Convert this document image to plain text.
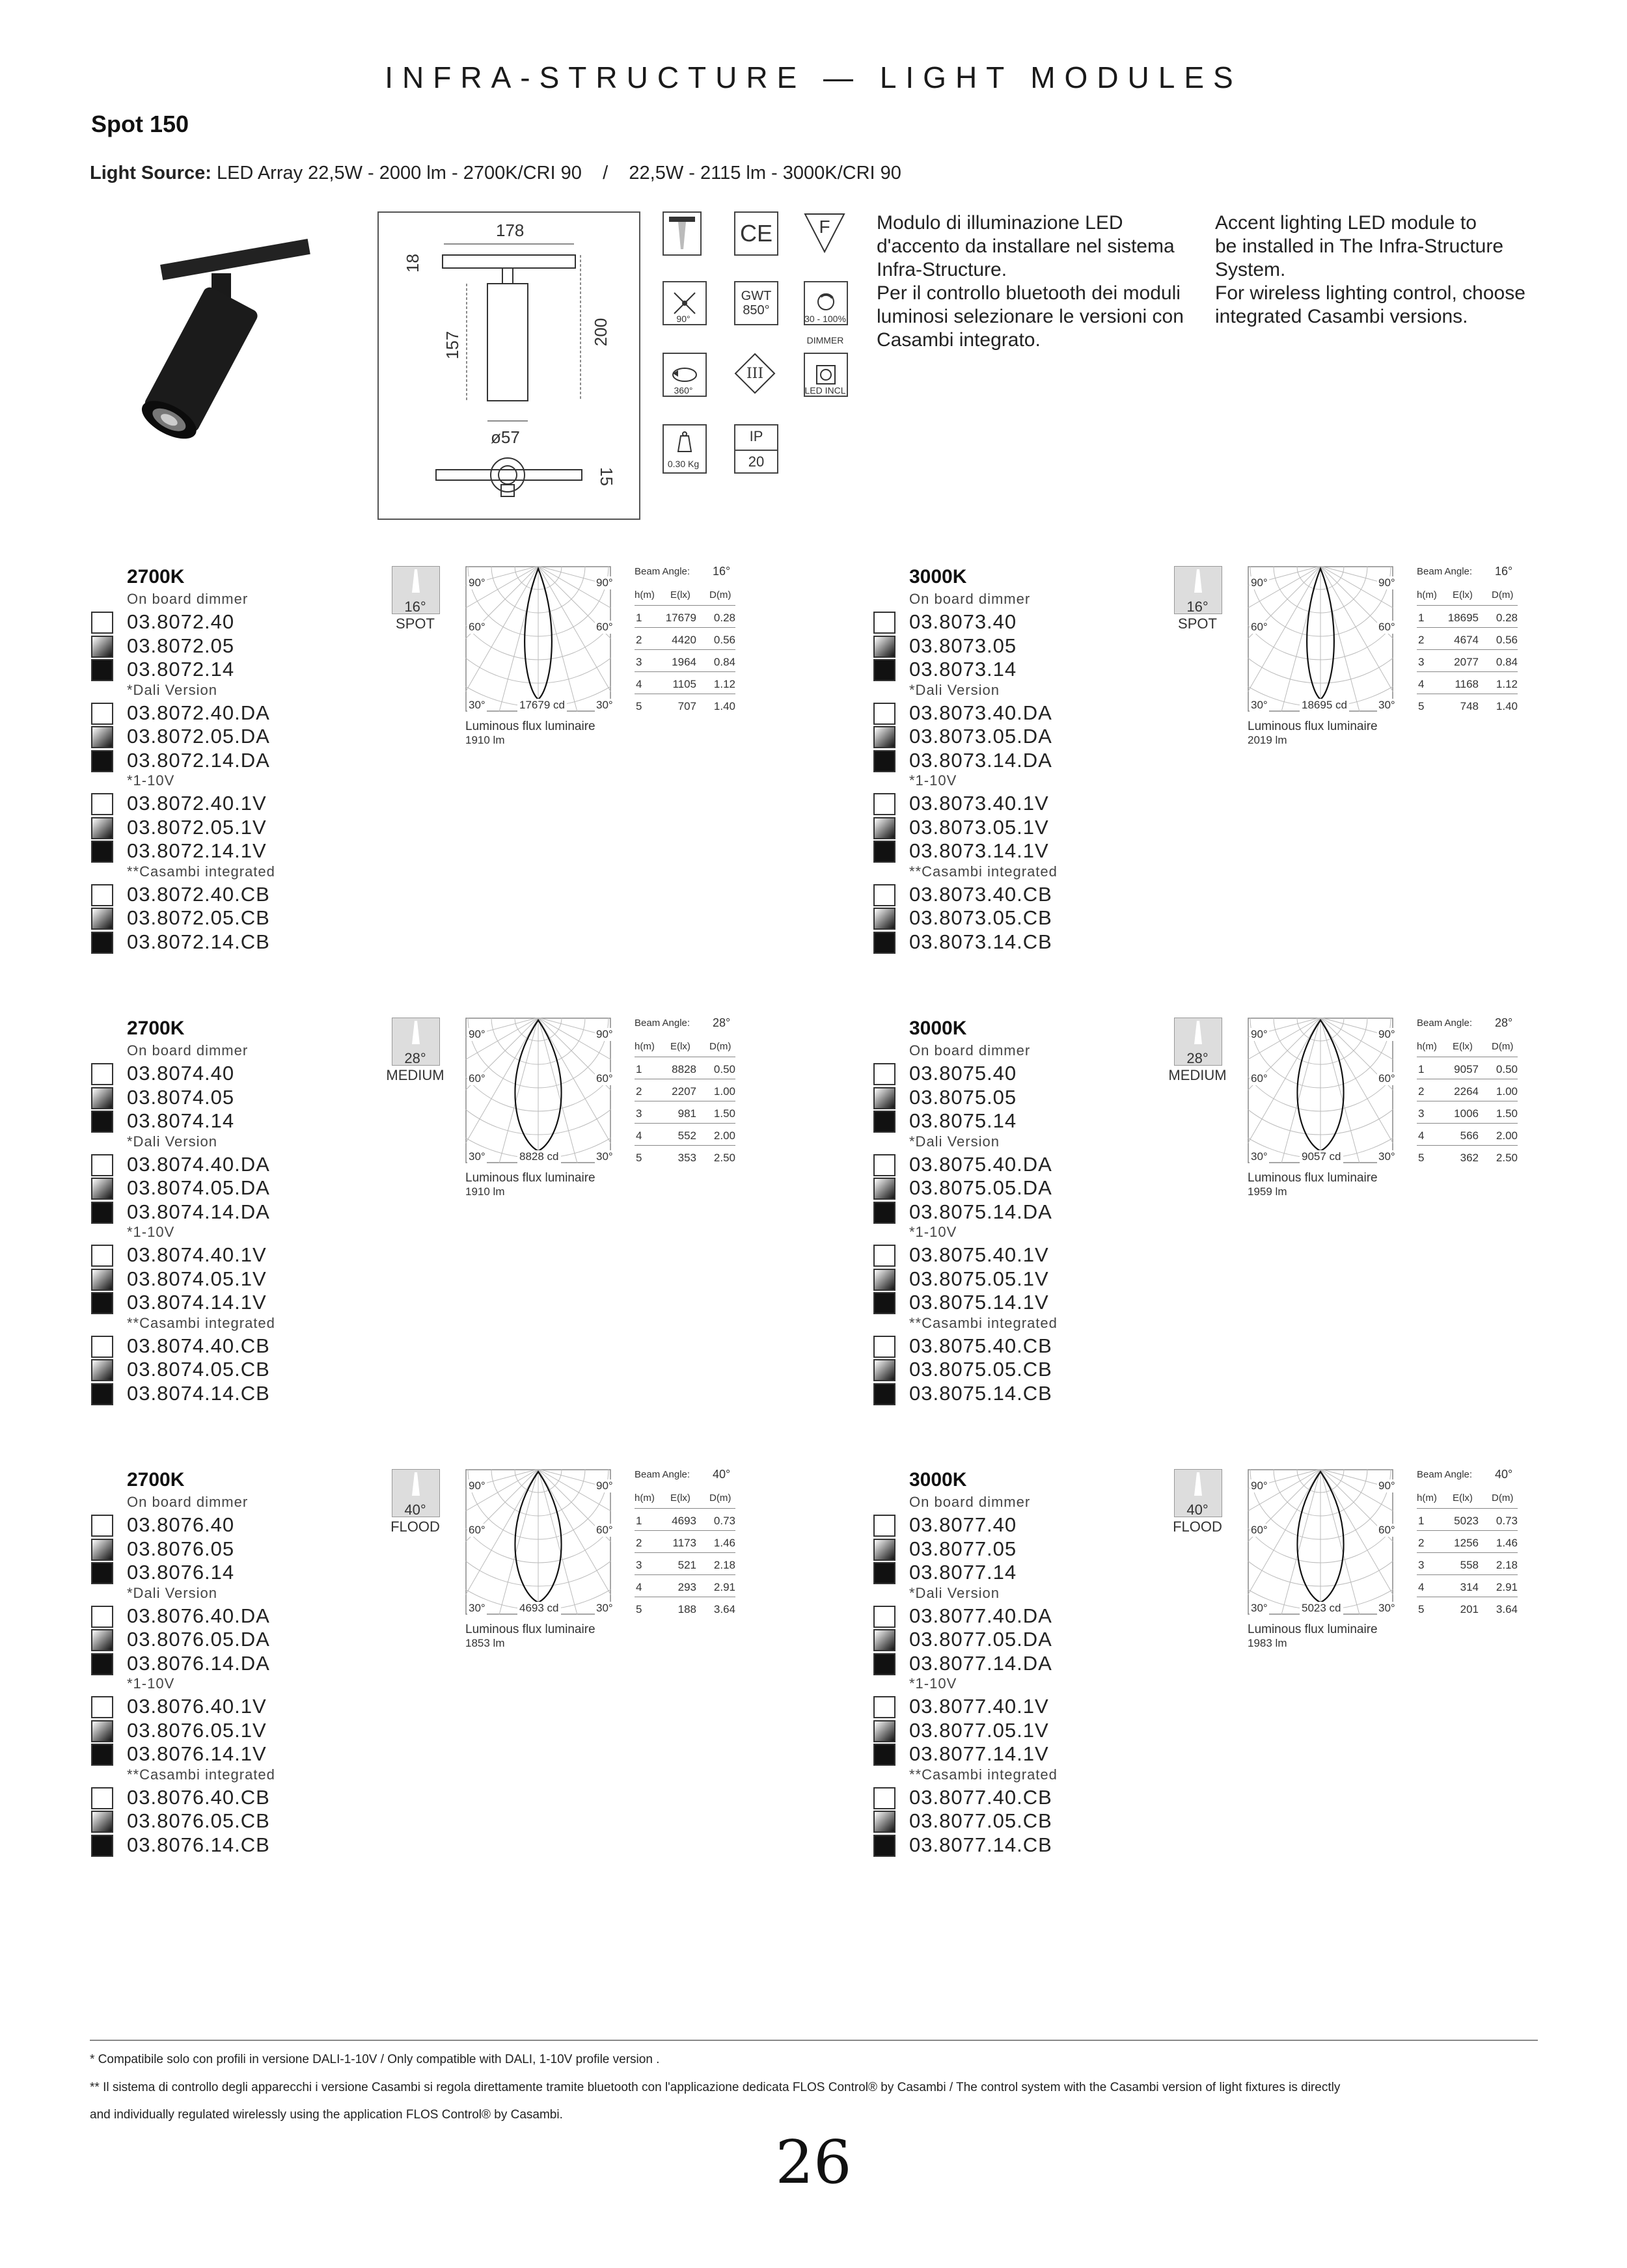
INFRA-STRUCTURE — LIGHT MODULES
Spot 150
Light Source: LED Array 22,5W - 2000 lm - 2700K/CRI 90    /    22,5W - 2115 lm - 3000K/CRI 90
178
18
157	200
ø57
15
CE	F
90°
GWT
850°
30 - 100%
DIMMER
360°
III
LED INCL
0.30 Kg
IP
20
Modulo di illuminazione LED
d'accento da installare nel sistema
Infra-Structure.
Per il controllo bluetooth dei moduli
luminosi selezionare le versioni con
Casambi integrato.
Accent lighting LED module to
be installed in The Infra-Structure
System.
For wireless lighting control, choose
integrated Casambi versions.
2700K
On board dimmer
03.8072.40
03.8072.05
03.8072.14
*Dali Version
03.8072.40.DA
03.8072.05.DA
03.8072.14.DA
*1-10V
03.8072.40.1V
03.8072.05.1V
03.8072.14.1V
**Casambi integrated
03.8072.40.CB
03.8072.05.CB
03.8072.14.CB
16°
SPOT
90°	90°
60°	60°
30°	30°
17679 cd
Luminous flux luminaire
1910 lm
Beam Angle: 16°
h(m) E(lx) D(m)
1 17679 0.28
2	4420 0.56
3	1964 0.84
4	1105 1.12
5	707 1.40
3000K
On board dimmer
03.8073.40
03.8073.05
03.8073.14
*Dali Version
03.8073.40.DA
03.8073.05.DA
03.8073.14.DA
*1-10V
03.8073.40.1V
03.8073.05.1V
03.8073.14.1V
**Casambi integrated
03.8073.40.CB
03.8073.05.CB
03.8073.14.CB
16°
SPOT
90°	90°
60°	60°
30°	30°
18695 cd
Luminous flux luminaire
2019 lm
Beam Angle: 16°
h(m) E(lx) D(m)
1 18695 0.28
2	4674 0.56
3	2077 0.84
4	1168 1.12
5	748 1.40
2700K
On board dimmer
03.8074.40
03.8074.05
03.8074.14
*Dali Version
03.8074.40.DA
03.8074.05.DA
03.8074.14.DA
*1-10V
03.8074.40.1V
03.8074.05.1V
03.8074.14.1V
**Casambi integrated
03.8074.40.CB
03.8074.05.CB
03.8074.14.CB
28°
MEDIUM
90°	90°
60°	60°
30°	30°
8828 cd
Luminous flux luminaire
1910 lm
Beam Angle: 28°
h(m) E(lx) D(m)
1	8828 0.50
2	2207 1.00
3	981 1.50
4	552 2.00
5	353 2.50
3000K
On board dimmer
03.8075.40
03.8075.05
03.8075.14
*Dali Version
03.8075.40.DA
03.8075.05.DA
03.8075.14.DA
*1-10V
03.8075.40.1V
03.8075.05.1V
03.8075.14.1V
**Casambi integrated
03.8075.40.CB
03.8075.05.CB
03.8075.14.CB
28°
MEDIUM
90°	90°
60°	60°
30°	30°
9057 cd
Luminous flux luminaire
1959 lm
Beam Angle: 28°
h(m) E(lx) D(m)
1	9057 0.50
2	2264 1.00
3	1006 1.50
4	566 2.00
5	362 2.50
2700K
On board dimmer
03.8076.40
03.8076.05
03.8076.14
*Dali Version
03.8076.40.DA
03.8076.05.DA
03.8076.14.DA
*1-10V
03.8076.40.1V
03.8076.05.1V
03.8076.14.1V
**Casambi integrated
03.8076.40.CB
03.8076.05.CB
03.8076.14.CB
40°
FLOOD
90°	90°
60°	60°
30°	30°
4693 cd
Luminous flux luminaire
1853 lm
Beam Angle: 40°
h(m) E(lx) D(m)
1	4693 0.73
2	1173 1.46
3	521 2.18
4	293 2.91
5	188 3.64
3000K
On board dimmer
03.8077.40
03.8077.05
03.8077.14
*Dali Version
03.8077.40.DA
03.8077.05.DA
03.8077.14.DA
*1-10V
03.8077.40.1V
03.8077.05.1V
03.8077.14.1V
**Casambi integrated
03.8077.40.CB
03.8077.05.CB
03.8077.14.CB
40°
FLOOD
90°	90°
60°	60°
30°	30°
5023 cd
Luminous flux luminaire
1983 lm
Beam Angle: 40°
h(m) E(lx) D(m)
1	5023 0.73
2	1256 1.46
3	558 2.18
4	314 2.91
5	201 3.64
* Compatibile solo con profili in versione DALI-1-10V / Only compatible with DALI, 1-10V profile version .
** Il sistema di controllo degli apparecchi i versione Casambi si regola direttamente tramite bluetooth con l'applicazione dedicata FLOS Control® by Casambi / The control system with the Casambi version of light fixtures is directly
and individually regulated wirelessly using the application FLOS Control® by Casambi.
26
